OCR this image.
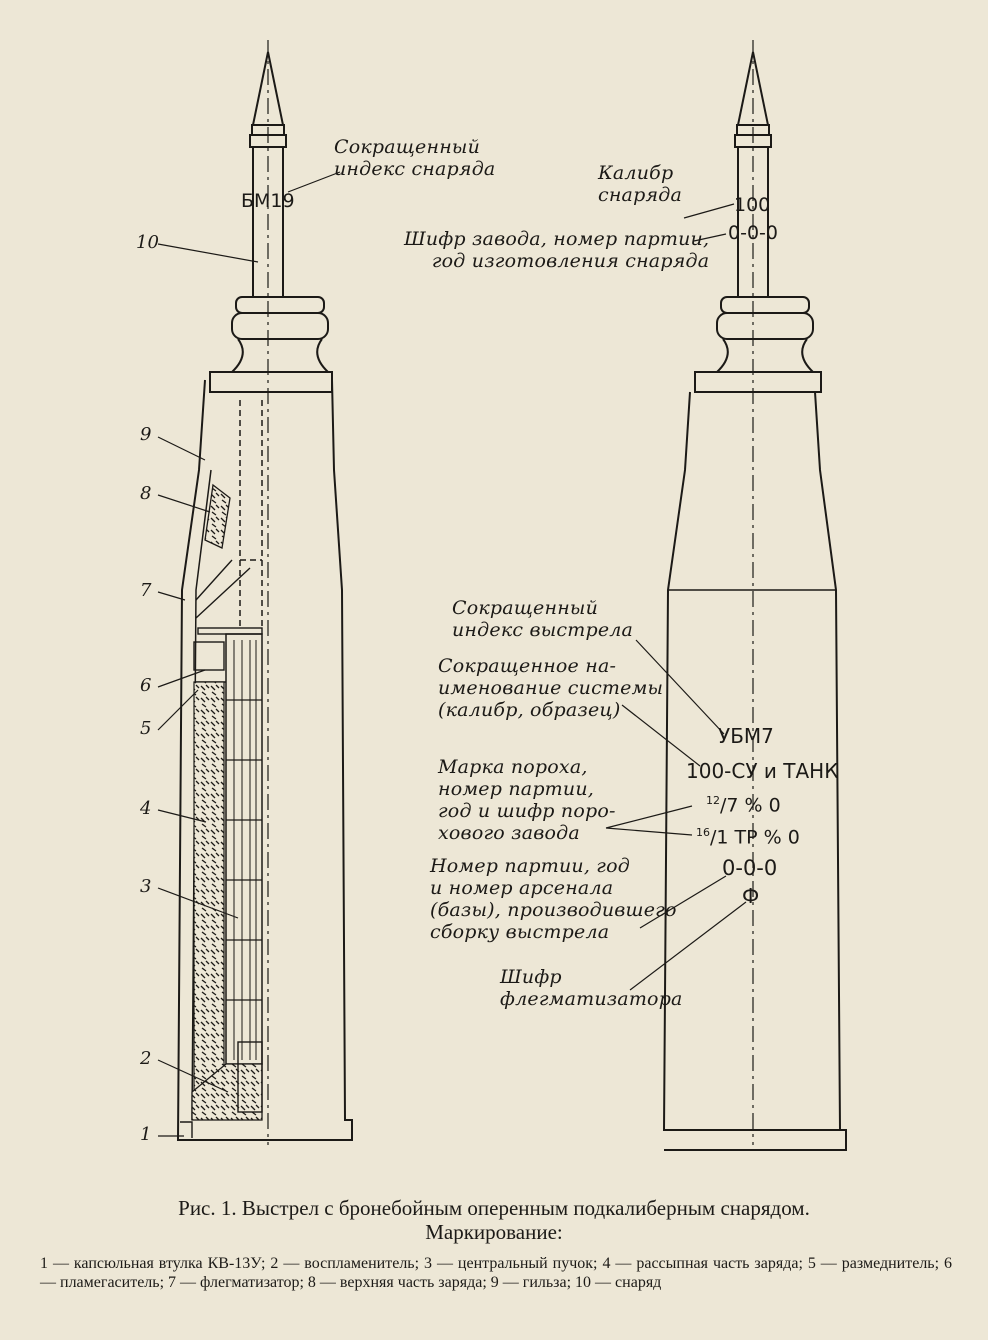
Сокращенный
индекс снаряда
БМ19
10
9
8
7
6
5
4
3
2
1
Калибр
снаряда	100
0-0-0
Шифр завода, номер партии,
год изготовления снаряда
Сокращенный
индекс выстрела
Сокращенное на-
именование системы
(калибр, образец)
Марка пороха,
номер партии,
год и шифр поро-
хового завода
Номер партии, год
и номер арсенала
(базы), производившего
сборку выстрела
Шифр
флегматизатора
УБМ7
100-СУ и ТАНК
$^{12}$/7 % 0
$^{16}$/1 ТР % 0
0-0-0
Ф
Рис. 1. Выстрел с бронебойным оперенным подкалиберным снарядом.
Маркирование:
1 — капсюльная втулка КВ-13У; 2 — воспламенитель; 3 — центральный пучок; 4 — рассыпная часть заряда; 5 — размеднитель; 6 — пламегаситель; 7 — флегматизатор; 8 — верхняя часть заряда; 9 — гильза; 10 — снаряд
